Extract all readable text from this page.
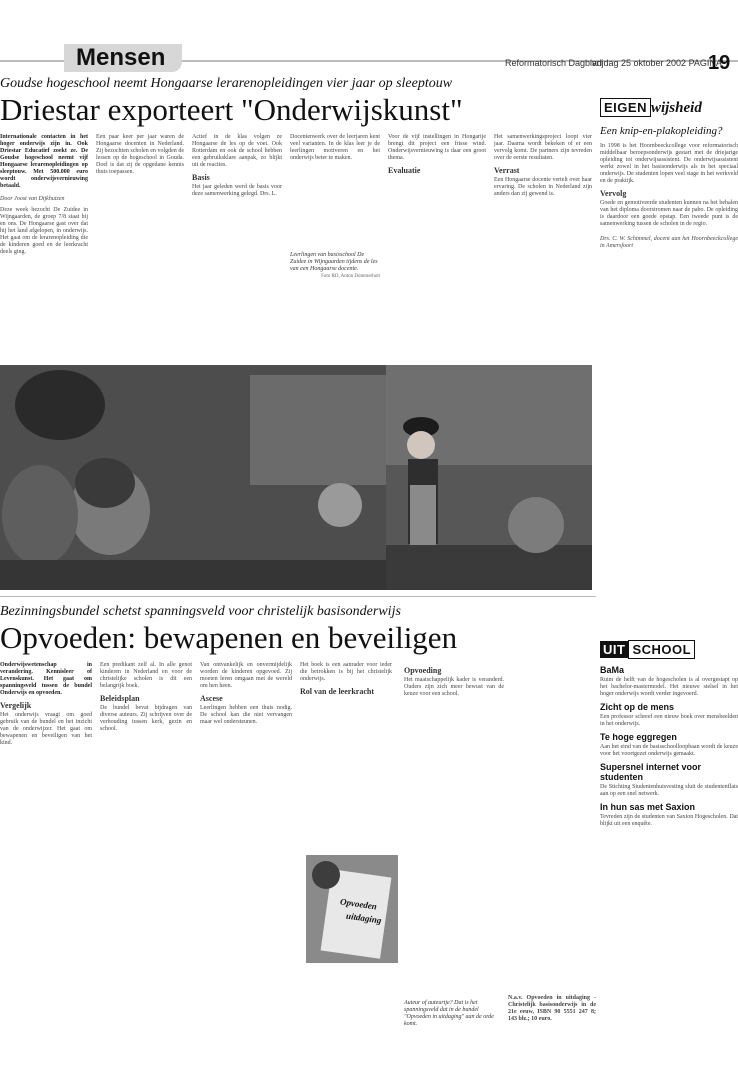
Mensen	Reformatorisch Dagblad
vrijdag 25 oktober 2002 PAGINA
19
Goudse hogeschool neemt Hongaarse lerarenopleidingen vier jaar op sleeptouw
Driestar exporteert "Onderwijskunst"

Internationale contacten in het hoger onderwijs zijn in. Ook Driestar Educatief zoekt ze. De Goudse hogeschool neemt vijf Hongaarse lerarenopleidingen op sleeptouw. Met 500.000 euro wordt onderwijsvernieuwing betaald.

Door Joost van Dijkhuizen

Deze week bezocht De Zuidee in Wijngaarden, de groep 7/8 staat hij en ons. De Hongaarse gast over dat hij het land afgelopen, in onderwijs. Het gaat om de lerarenopleiding die de kinderen goed en de leerkracht deels ging.

Een paar keer per jaar waren de Hongaarse docenten in Nederland. Zij bezochten scholen en volgden de lessen op de hogeschool in Gouda. Doel is dat zij de opgedane kennis thuis toepassen.

Actief in de klas volgen ze Hongaarse de les op de voet. Ook Rotterdam en ook de school hebben een gebruiksklare aanpak, zo blijkt uit de reacties.

Basis

Het jaar geleden werd de basis voor deze samenwerking gelegd. Drs. L.

Docentenwerk over de leerjaren kent veel varianten. In de klas leer je de leerlingen motiveren en het onderwijs beter te maken.

Voor de vijf instellingen in Hongarije brengt dit project een frisse wind. Onderwijsvernieuwing is daar een groot thema.

Evaluatie

Het samenwerkingsproject loopt vier jaar. Daarna wordt bekeken of er een vervolg komt. De partners zijn tevreden over de eerste resultaten.

Verrast

Een Hongaarse docente vertelt over haar ervaring. De scholen in Nederland zijn anders dan zij gewend is.

Leerlingen van basisschool De Zuidee in Wijngaarden tijdens de les van een Hongaarse docente.
Foto RD, Anton Dommerholt
EIGEN wijsheid
Een knip-en-plakopleiding?
In 1998 is het Hoornbeeckcollege voor reformatorisch middelbaar beroepsonderwijs gestart met de driejarige opleiding tot onderwijsassistent. De onderwijsassistent werkt zowel in het basisonderwijs als in het speciaal onderwijs. De studenten lopen veel stage in het werkveld en de praktijk.
Vervolg
Goede en gemotiveerde studenten kunnen na het behalen van het diploma doorstromen naar de pabo. De opleiding is daardoor een goede opstap. Een tweede punt is de samenwerking tussen de scholen in de regio.
Drs. C. W. Schimmel, docent aan het Hoornbeeckcollege in Amersfoort
Bezinningsbundel schetst spanningsveld voor christelijk basisonderwijs
Opvoeden: bewapenen en beveiligen

Onderwijswetenschap in verandering. Kennisleer of Levenskunst. Het gaat om spanningsveld tussen de bundel Onderwijs en opvoeden.

Vergelijk

Het onderwijs vraagt om goed gebruik van de bundel en het inzicht van de onderwijzer. Het gaat om bewapenen en beveiligen van het kind.

Een predikant zelf al. In alle genot kinderen in Nederland en voor de christelijke scholen is dit een belangrijk boek.

Beleidsplan

De bundel bevat bijdragen van diverse auteurs. Zij schrijven over de verhouding tussen kerk, gezin en school.

Van ontvankelijk en onvermijdelijk worden de kinderen opgevoed. Zij moeten leren omgaan met de wereld om hen heen.

Ascese

Leerlingen hebben een thuis nodig. De school kan die niet vervangen maar wel ondersteunen.

Het boek is een aanrader voor ieder die betrokken is bij het christelijk onderwijs.

Rol van de leerkracht

Opvoeding

Het maatschappelijk kader is veranderd. Ouders zijn zich meer bewust van de keuze voor een school.

Opvoeden
uitdaging
Auteur of auteurtje? Dat is het spanningsveld dat in de bundel "Opvoeden in uitdaging" aan de orde komt.
N.a.v. Opvoeden in uitdaging - Christelijk basisonderwijs in de 21e eeuw, ISBN 90 5551 247 8; 143 blz.; 10 euro.
UIT SCHOOL
BaMa
Ruim de helft van de hogescholen is al overgestapt op het bachelor-mastermodel. Het nieuwe stelsel in het hoger onderwijs wordt verder ingevoerd.
Zicht op de mens
Een professor schreef een nieuw boek over mensbeelden in het onderwijs.
Te hoge eggregen
Aan het eind van de basisschoolloopbaan wordt de keuze voor het voortgezet onderwijs gemaakt.
Supersnel internet voor studenten
De Stichting Studentenhuisvesting sluit de studentenflats aan op een snel netwerk.
In hun sas met Saxion
Tevreden zijn de studenten van Saxion Hogescholen. Dat blijkt uit een enquête.
